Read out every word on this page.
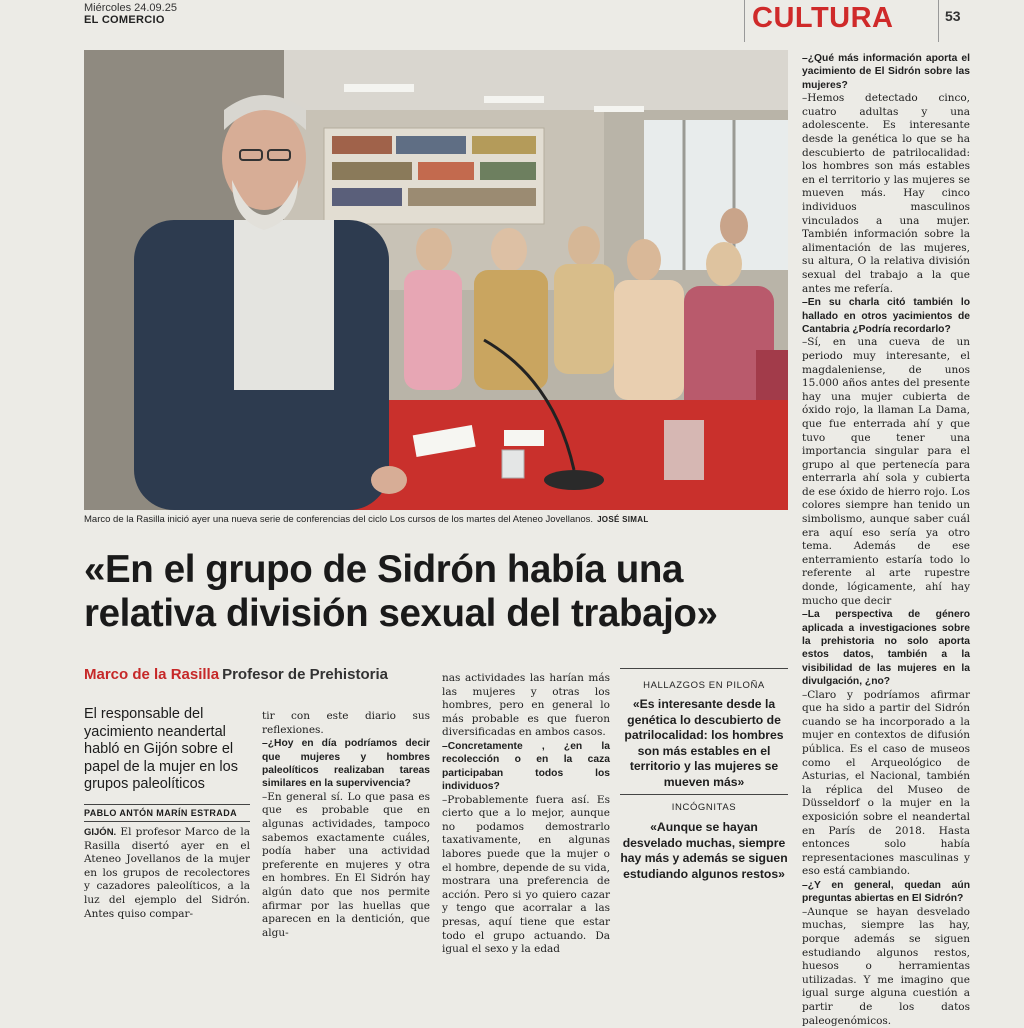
Miércoles 24.09.25
EL COMERCIO	CULTURA	53
Marco de la Rasilla inició ayer una nueva serie de conferencias del ciclo Los cursos de los martes del Ateneo Jovellanos. JOSÉ SIMAL
«En el grupo de Sidrón había una relativa división sexual del trabajo»
Marco de la Rasilla Profesor de Prehistoria
El responsable del yacimiento neandertal habló en Gijón sobre el papel de la mujer en los grupos paleolíticos
PABLO ANTÓN MARÍN ESTRADA

GIJÓN. El profesor Marco de la Rasilla disertó ayer en el Ateneo Jovellanos de la mujer en los grupos de recolectores y cazadores paleolíticos, a la luz del ejemplo del Sidrón. Antes quiso compar-

tir con este diario sus reflexiones.

–¿Hoy en día podríamos decir que mujeres y hombres paleolíticos realizaban tareas similares en la supervivencia?

–En general sí. Lo que pasa es que es probable que en algunas actividades, tampoco sabemos exactamente cuáles, podía haber una actividad preferente en mujeres y otra en hombres. En El Sidrón hay algún dato que nos permite afirmar por las huellas que aparecen en la dentición, que algu-

nas actividades las harían más las mujeres y otras los hombres, pero en general lo más probable es que fueron diversificadas en ambos casos.

–Concretamente , ¿en la recolección o en la caza participaban todos los individuos?

–Probablemente fuera así. Es cierto que a lo mejor, aunque no podamos demostrarlo taxativamente, en algunas labores puede que la mujer o el hombre, depende de su vida, mostrara una preferencia de acción. Pero si yo quiero cazar y tengo que acorralar a las presas, aquí tiene que estar todo el grupo actuando. Da igual el sexo y la edad

HALLAZGOS EN PILOÑA
«Es interesante desde la genética lo descubierto de patrilocalidad: los hombres son más estables en el territorio y las mujeres se mueven más»
INCÓGNITAS
«Aunque se hayan desvelado muchas, siempre hay más y además se siguen estudiando algunos restos»

–¿Qué más información aporta el yacimiento de El Sidrón sobre las mujeres?

–Hemos detectado cinco, cuatro adultas y una adolescente. Es interesante desde la genética lo que se ha descubierto de patrilocalidad: los hombres son más estables en el territorio y las mujeres se mueven más. Hay cinco individuos masculinos vinculados a una mujer. También información sobre la alimentación de las mujeres, su altura, O la relativa división sexual del trabajo a la que antes me refería.

–En su charla citó también lo hallado en otros yacimientos de Cantabria ¿Podría recordarlo?

–Sí, en una cueva de un periodo muy interesante, el magdaleniense, de unos 15.000 años antes del presente hay una mujer cubierta de óxido rojo, la llaman La Dama, que fue enterrada ahí y que tuvo que tener una importancia singular para el grupo al que pertenecía para enterrarla ahí sola y cubierta de ese óxido de hierro rojo. Los colores siempre han tenido un simbolismo, aunque saber cuál era aquí eso sería ya otro tema. Además de ese enterramiento estaría todo lo referente al arte rupestre donde, lógicamente, ahí hay mucho que decir

–La perspectiva de género aplicada a investigaciones sobre la prehistoria no solo aporta estos datos, también a la visibilidad de las mujeres en la divulgación, ¿no?

–Claro y podríamos afirmar que ha sido a partir del Sidrón cuando se ha incorporado a la mujer en contextos de difusión pública. Es el caso de museos como el Arqueológico de Asturias, el Nacional, también la réplica del Museo de Düsseldorf o la mujer en la exposición sobre el neandertal en París de 2018. Hasta entonces solo había representaciones masculinas y eso está cambiando.

–¿Y en general, quedan aún preguntas abiertas en El Sidrón?

–Aunque se hayan desvelado muchas, siempre las hay, porque además se siguen estudiando algunos restos, huesos o herramientas utilizadas. Y me imagino que igual surge alguna cuestión a partir de los datos paleogenómicos.
